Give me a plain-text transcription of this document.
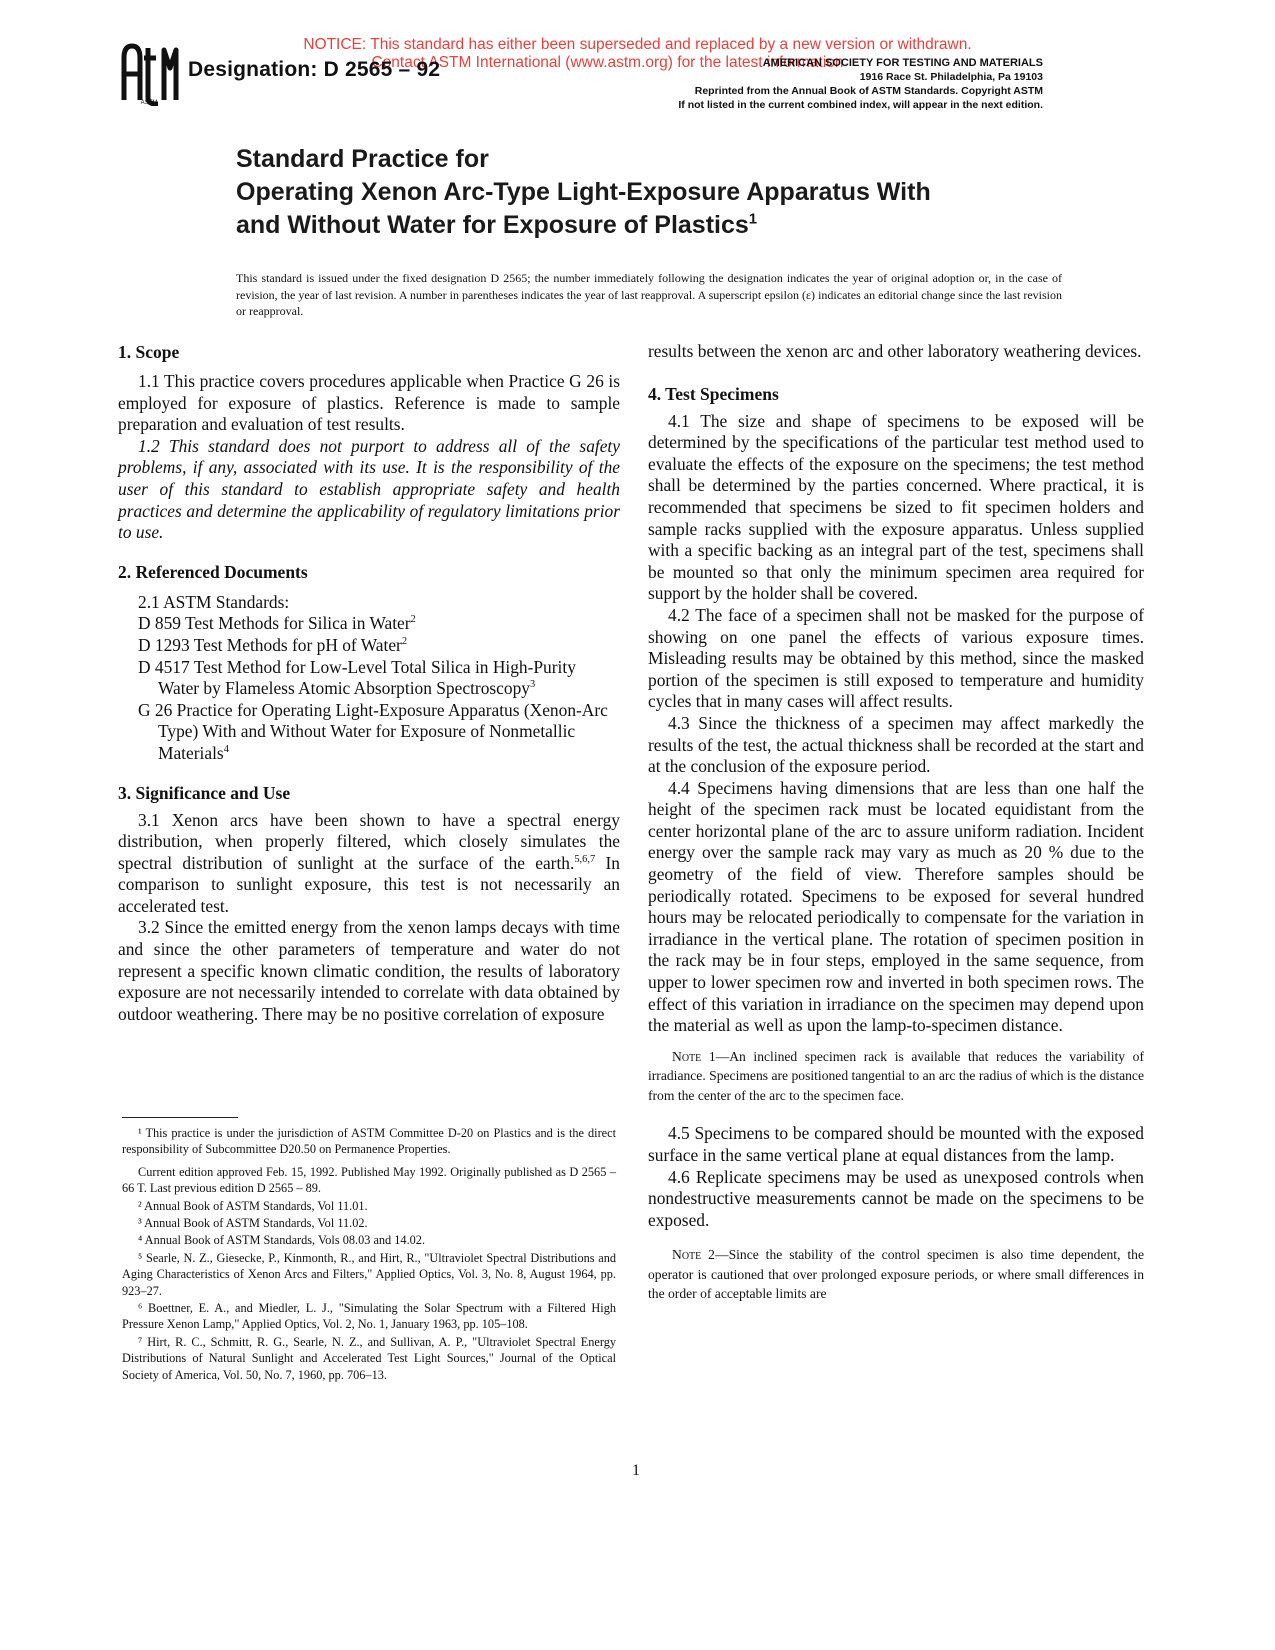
NOTICE: This standard has either been superseded and replaced by a new version or withdrawn.
Contact ASTM International (www.astm.org) for the latest information
ASTM
Designation: D 2565 – 92	AMERICAN SOCIETY FOR TESTING AND MATERIALS
1916 Race St. Philadelphia, Pa 19103
Reprinted from the Annual Book of ASTM Standards. Copyright ASTM
If not listed in the current combined index, will appear in the next edition.
Standard Practice for
Operating Xenon Arc-Type Light-Exposure Apparatus With
and Without Water for Exposure of Plastics$^1$
This standard is issued under the fixed designation D 2565; the number immediately following the designation indicates the year of original adoption or, in the case of revision, the year of last revision. A number in parentheses indicates the year of last reapproval. A superscript epsilon (ε) indicates an editorial change since the last revision or reapproval.
1. Scope

1.1 This practice covers procedures applicable when Practice G 26 is employed for exposure of plastics. Reference is made to sample preparation and evaluation of test results.

1.2 This standard does not purport to address all of the safety problems, if any, associated with its use. It is the responsibility of the user of this standard to establish appropriate safety and health practices and determine the applicability of regulatory limitations prior to use.

2. Referenced Documents

2.1 ASTM Standards:

D 859 Test Methods for Silica in Water$^2$

D 1293 Test Methods for pH of Water$^2$

D 4517 Test Method for Low-Level Total Silica in High-Purity Water by Flameless Atomic Absorption Spectroscopy$^3$

G 26 Practice for Operating Light-Exposure Apparatus (Xenon-Arc Type) With and Without Water for Exposure of Nonmetallic Materials$^4$

3. Significance and Use

3.1 Xenon arcs have been shown to have a spectral energy distribution, when properly filtered, which closely simulates the spectral distribution of sunlight at the surface of the earth.$^{5,6,7}$ In comparison to sunlight exposure, this test is not necessarily an accelerated test.

3.2 Since the emitted energy from the xenon lamps decays with time and since the other parameters of temperature and water do not represent a specific known climatic condition, the results of laboratory exposure are not necessarily intended to correlate with data obtained by outdoor weathering. There may be no positive correlation of exposure

¹ This practice is under the jurisdiction of ASTM Committee D-20 on Plastics and is the direct responsibility of Subcommittee D20.50 on Permanence Properties.

Current edition approved Feb. 15, 1992. Published May 1992. Originally published as D 2565 – 66 T. Last previous edition D 2565 – 89.

² Annual Book of ASTM Standards, Vol 11.01.

³ Annual Book of ASTM Standards, Vol 11.02.

⁴ Annual Book of ASTM Standards, Vols 08.03 and 14.02.

⁵ Searle, N. Z., Giesecke, P., Kinmonth, R., and Hirt, R., "Ultraviolet Spectral Distributions and Aging Characteristics of Xenon Arcs and Filters," Applied Optics, Vol. 3, No. 8, August 1964, pp. 923–27.

⁶ Boettner, E. A., and Miedler, L. J., "Simulating the Solar Spectrum with a Filtered High Pressure Xenon Lamp," Applied Optics, Vol. 2, No. 1, January 1963, pp. 105–108.

⁷ Hirt, R. C., Schmitt, R. G., Searle, N. Z., and Sullivan, A. P., "Ultraviolet Spectral Energy Distributions of Natural Sunlight and Accelerated Test Light Sources," Journal of the Optical Society of America, Vol. 50, No. 7, 1960, pp. 706–13.

results between the xenon arc and other laboratory weathering devices.

4. Test Specimens

4.1 The size and shape of specimens to be exposed will be determined by the specifications of the particular test method used to evaluate the effects of the exposure on the specimens; the test method shall be determined by the parties concerned. Where practical, it is recommended that specimens be sized to fit specimen holders and sample racks supplied with the exposure apparatus. Unless supplied with a specific backing as an integral part of the test, specimens shall be mounted so that only the minimum specimen area required for support by the holder shall be covered.

4.2 The face of a specimen shall not be masked for the purpose of showing on one panel the effects of various exposure times. Misleading results may be obtained by this method, since the masked portion of the specimen is still exposed to temperature and humidity cycles that in many cases will affect results.

4.3 Since the thickness of a specimen may affect markedly the results of the test, the actual thickness shall be recorded at the start and at the conclusion of the exposure period.

4.4 Specimens having dimensions that are less than one half the height of the specimen rack must be located equidistant from the center horizontal plane of the arc to assure uniform radiation. Incident energy over the sample rack may vary as much as 20 % due to the geometry of the field of view. Therefore samples should be periodically rotated. Specimens to be exposed for several hundred hours may be relocated periodically to compensate for the variation in irradiance in the vertical plane. The rotation of specimen position in the rack may be in four steps, employed in the same sequence, from upper to lower specimen row and inverted in both specimen rows. The effect of this variation in irradiance on the specimen may depend upon the material as well as upon the lamp-to-specimen distance.

Note 1—An inclined specimen rack is available that reduces the variability of irradiance. Specimens are positioned tangential to an arc the radius of which is the distance from the center of the arc to the specimen face.

4.5 Specimens to be compared should be mounted with the exposed surface in the same vertical plane at equal distances from the lamp.

4.6 Replicate specimens may be used as unexposed controls when nondestructive measurements cannot be made on the specimens to be exposed.

Note 2—Since the stability of the control specimen is also time dependent, the operator is cautioned that over prolonged exposure periods, or where small differences in the order of acceptable limits are

1
